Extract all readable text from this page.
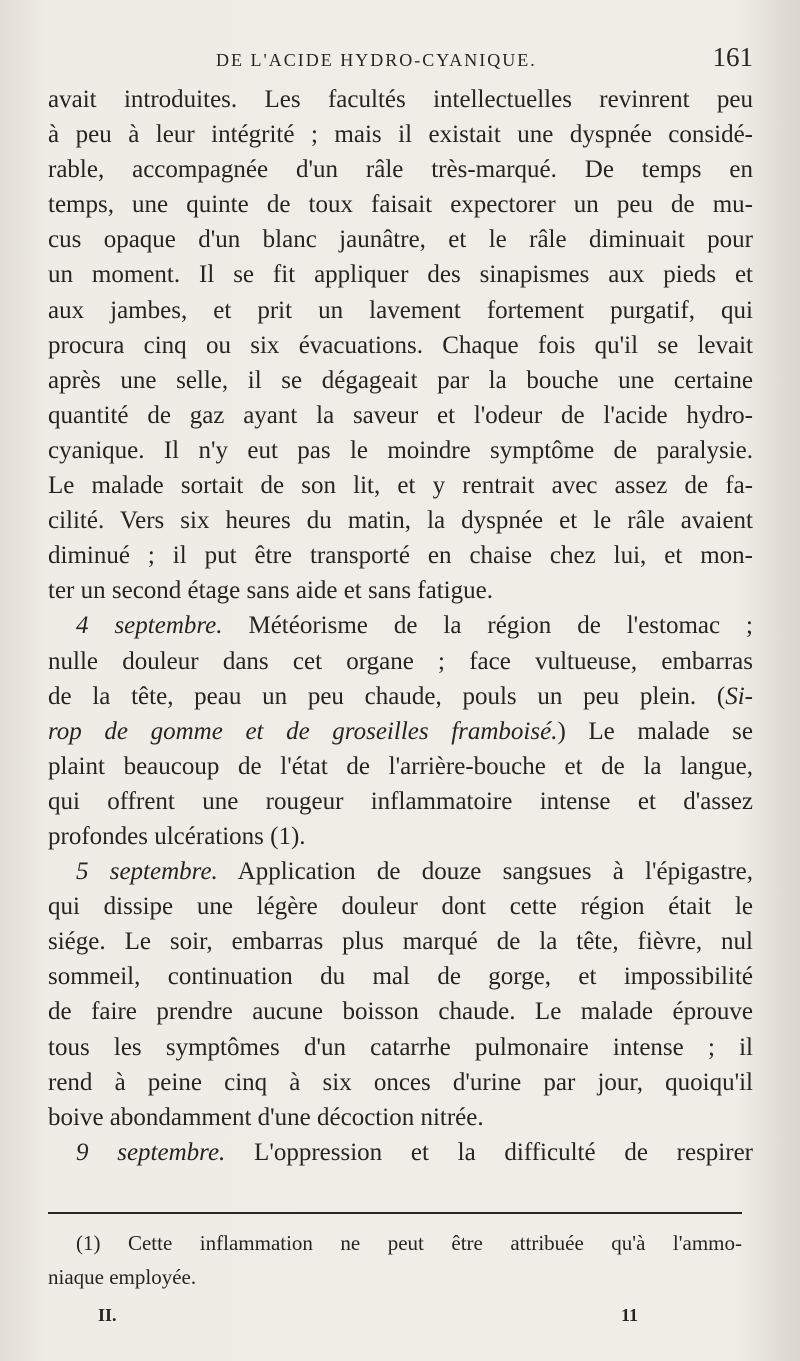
DE L'ACIDE HYDRO-CYANIQUE.	161
avait introduites. Les facultés intellectuelles revinrent peu
à peu à leur intégrité ; mais il existait une dyspnée considé-
rable, accompagnée d'un râle très-marqué. De temps en
temps, une quinte de toux faisait expectorer un peu de mu-
cus opaque d'un blanc jaunâtre, et le râle diminuait pour
un moment. Il se fit appliquer des sinapismes aux pieds et
aux jambes, et prit un lavement fortement purgatif, qui
procura cinq ou six évacuations. Chaque fois qu'il se levait
après une selle, il se dégageait par la bouche une certaine
quantité de gaz ayant la saveur et l'odeur de l'acide hydro-
cyanique. Il n'y eut pas le moindre symptôme de paralysie.
Le malade sortait de son lit, et y rentrait avec assez de fa-
cilité. Vers six heures du matin, la dyspnée et le râle avaient
diminué ; il put être transporté en chaise chez lui, et mon-
ter un second étage sans aide et sans fatigue.
4 septembre. Météorisme de la région de l'estomac ;
nulle douleur dans cet organe ; face vultueuse, embarras
de la tête, peau un peu chaude, pouls un peu plein. (Si-
rop de gomme et de groseilles framboisé.) Le malade se
plaint beaucoup de l'état de l'arrière-bouche et de la langue,
qui offrent une rougeur inflammatoire intense et d'assez
profondes ulcérations (1).
5 septembre. Application de douze sangsues à l'épigastre,
qui dissipe une légère douleur dont cette région était le
siége. Le soir, embarras plus marqué de la tête, fièvre, nul
sommeil, continuation du mal de gorge, et impossibilité
de faire prendre aucune boisson chaude. Le malade éprouve
tous les symptômes d'un catarrhe pulmonaire intense ; il
rend à peine cinq à six onces d'urine par jour, quoiqu'il
boive abondamment d'une décoction nitrée.
9 septembre. L'oppression et la difficulté de respirer
(1) Cette inflammation ne peut être attribuée qu'à l'ammo-
niaque employée.
II.	11
